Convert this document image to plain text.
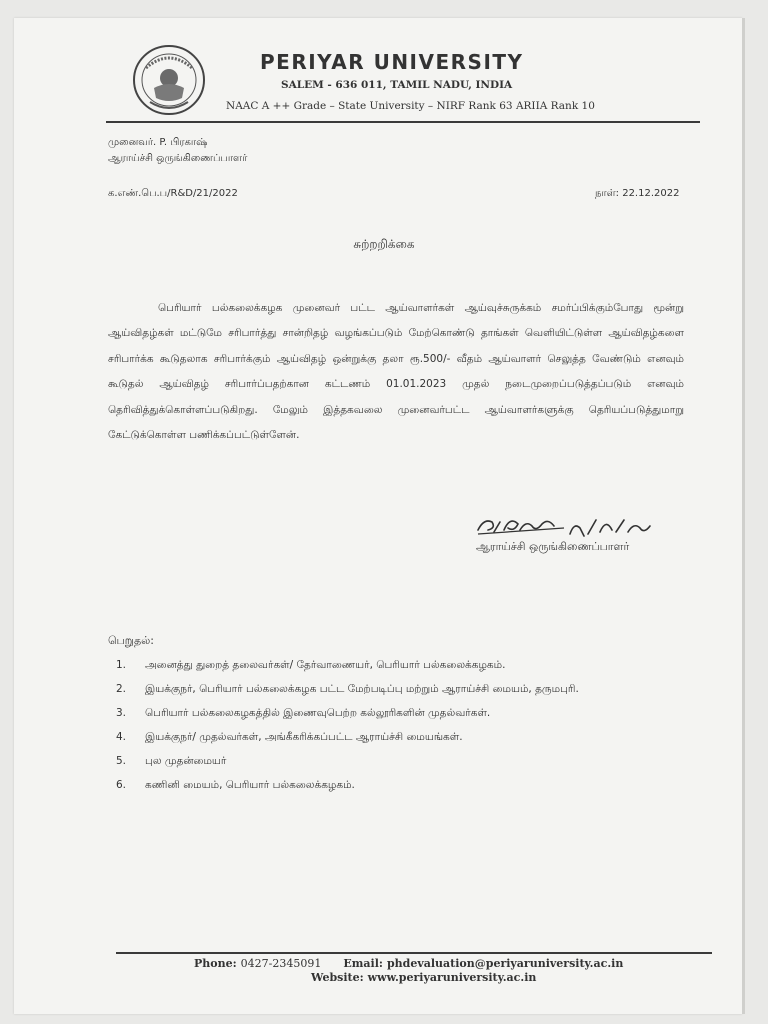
PERIYAR UNIVERSITY
SALEM - 636 011, TAMIL NADU, INDIA
NAAC A ++ Grade – State University – NIRF Rank 63 ARIIA Rank 10
முனைவர். P. பிரகாஷ்
ஆராய்ச்சி ஒருங்கிணைப்பாளர்
க.எண்.பெ.ப/R&D/21/2022	நாள்: 22.12.2022
சுற்றறிக்கை
பெரியார் பல்கலைக்கழக முனைவர் பட்ட ஆய்வாளர்கள் ஆய்வுச்சுருக்கம் சமர்ப்பிக்கும்போது மூன்று ஆய்விதழ்கள் மட்டுமே சரிபார்த்து சான்றிதழ் வழங்கப்படும் மேற்கொண்டு தாங்கள் வெளியிட்டுள்ள ஆய்விதழ்களை சரிபார்க்க கூடுதலாக சரிபார்க்கும் ஆய்விதழ் ஒன்றுக்கு தலா ரூ.500/- வீதம் ஆய்வாளர் செலுத்த வேண்டும் எனவும் கூடுதல் ஆய்விதழ் சரிபார்ப்பதற்கான கட்டணம் 01.01.2023 முதல் நடைமுறைப்படுத்தப்படும் எனவும் தெரிவித்துக்கொள்ளப்படுகிறது. மேலும் இத்தகவலை முனைவர்பட்ட ஆய்வாளர்களுக்கு தெரியப்படுத்துமாறு கேட்டுக்கொள்ள பணிக்கப்பட்டுள்ளேன்.
ஆராய்ச்சி ஒருங்கிணைப்பாளர்
பெறுதல்:
1.	அனைத்து துறைத் தலைவர்கள்/ தேர்வாணையர், பெரியார் பல்கலைக்கழகம்.
2.	இயக்குநர், பெரியார் பல்கலைக்கழக பட்ட மேற்படிப்பு மற்றும் ஆராய்ச்சி மையம், தருமபுரி.
3.	பெரியார் பல்கலைகழகத்தில் இணைவுபெற்ற கல்லூரிகளின் முதல்வர்கள்.
4.	இயக்குநர்/ முதல்வர்கள், அங்கீகரிக்கப்பட்ட ஆராய்ச்சி மையங்கள்.
5.	புல முதன்மையர்
6.	கணினி மையம், பெரியார் பல்கலைக்கழகம்.
Phone: 0427-2345091 Email: phdevaluation@periyaruniversity.ac.in
Website: www.periyaruniversity.ac.in
